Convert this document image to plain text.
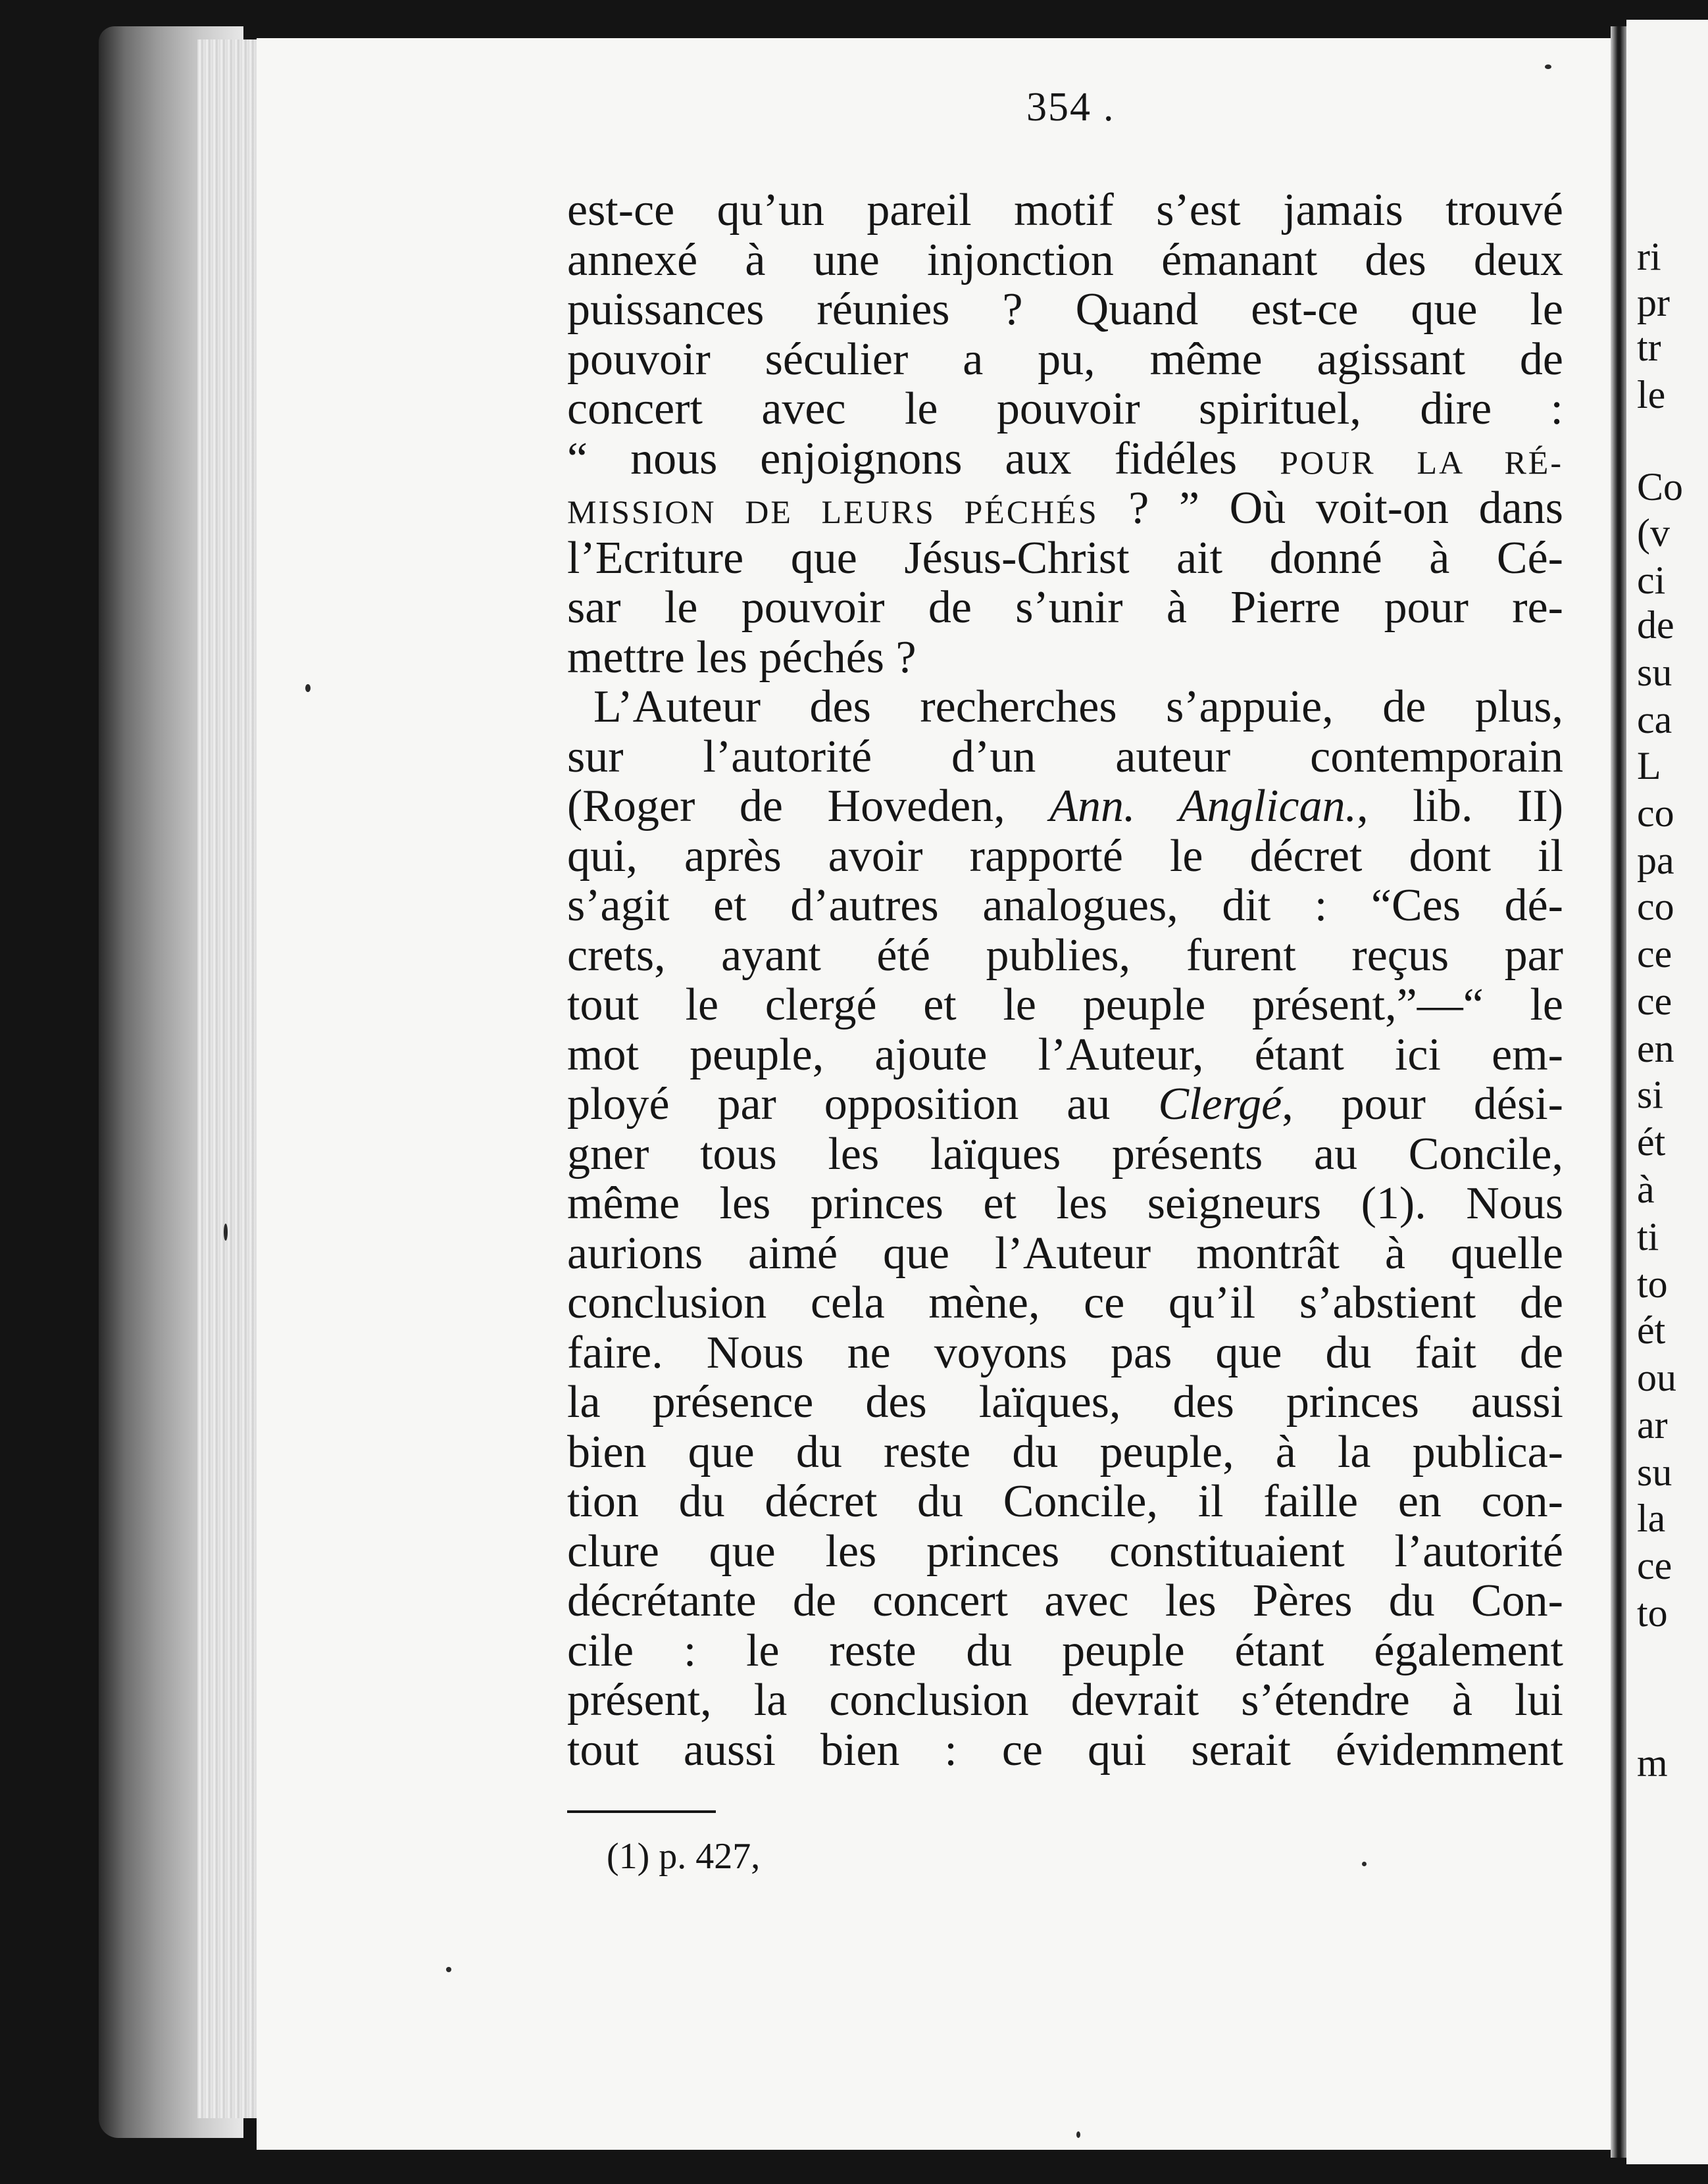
354 .
est-ce qu’un pareil motif s’est jamais trouvé
annexé à une injonction émanant des deux
puissances réunies ? Quand est-ce que le
pouvoir séculier a pu, même agissant de
concert avec le pouvoir spirituel, dire :
“ nous enjoignons aux fidéles POUR LA RÉ-
MISSION DE LEURS PÉCHÉS ? ” Où voit-on dans
l’Ecriture que Jésus-Christ ait donné à Cé-
sar le pouvoir de s’unir à Pierre pour re-
mettre les péchés ?
L’Auteur des recherches s’appuie, de plus,
sur l’autorité d’un auteur contemporain
(Roger de Hoveden, Ann. Anglican., lib. II)
qui, après avoir rapporté le décret dont il
s’agit et d’autres analogues, dit : “Ces dé-
crets, ayant été publies, furent reçus par
tout le clergé et le peuple présent,”—“ le
mot peuple, ajoute l’Auteur, étant ici em-
ployé par opposition au Clergé, pour dési-
gner tous les laïques présents au Concile,
même les princes et les seigneurs (1). Nous
aurions aimé que l’Auteur montrât à quelle
conclusion cela mène, ce qu’il s’abstient de
faire. Nous ne voyons pas que du fait de
la présence des laïques, des princes aussi
bien que du reste du peuple, à la publica-
tion du décret du Concile, il faille en con-
clure que les princes constituaient l’autorité
décrétante de concert avec les Pères du Con-
cile : le reste du peuple étant également
présent, la conclusion devrait s’étendre à lui
tout aussi bien : ce qui serait évidemment
(1) p. 427,
ri
pr
tr
le
Co
(v
ci
de
su
ca
L
co
pa
co
ce
ce
en
si
ét
à
ti
to
ét
ou
ar
su
la
ce
to
m
